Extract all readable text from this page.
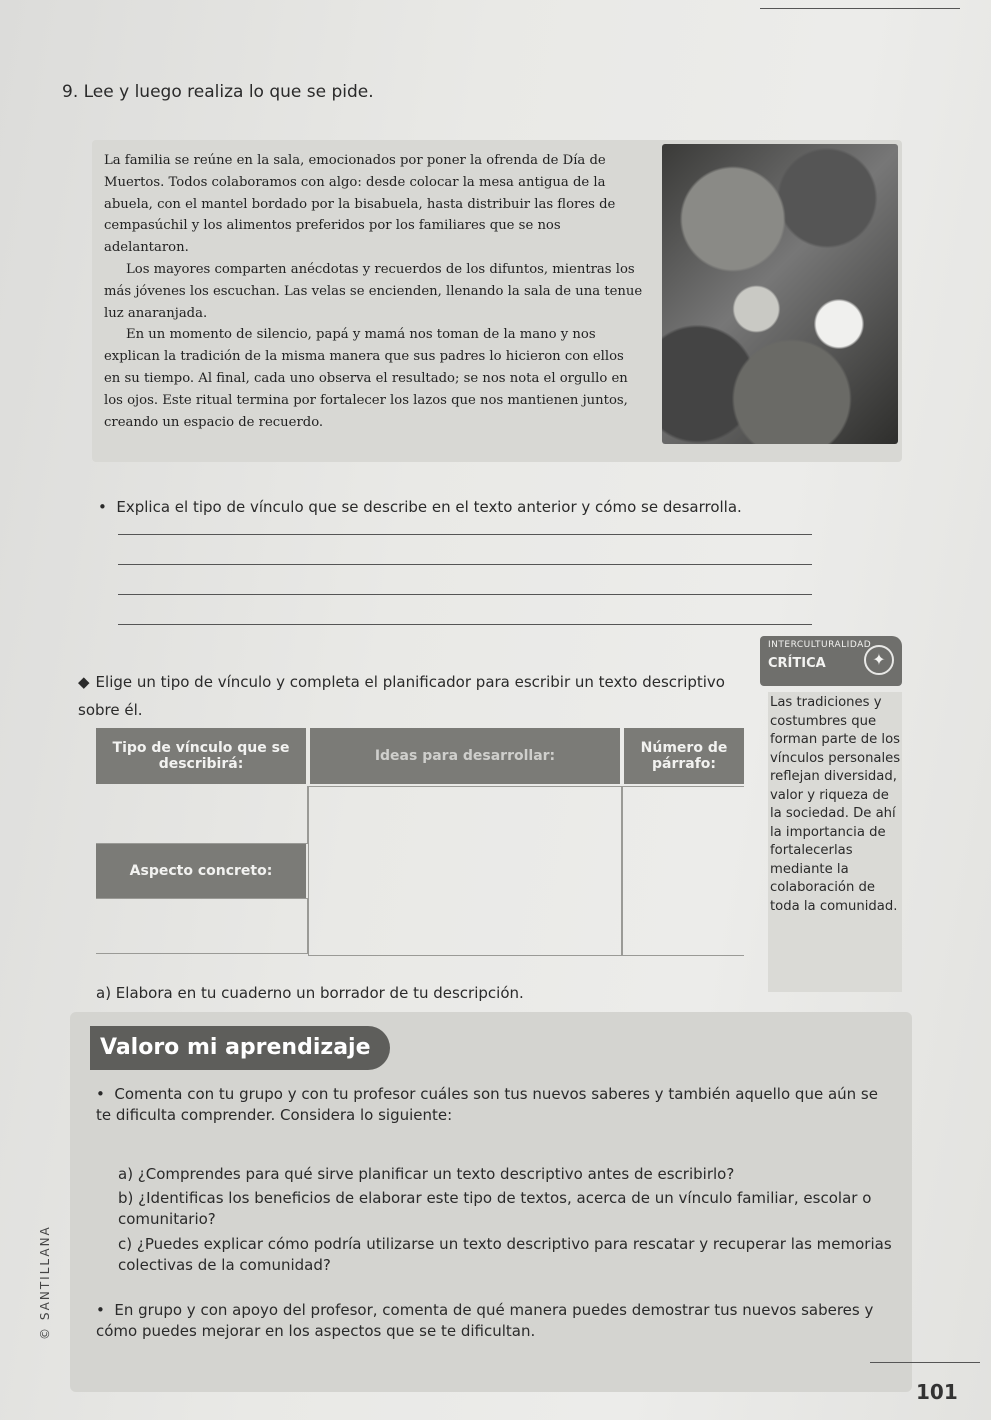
9. Lee y luego realiza lo que se pide.

La familia se reúne en la sala, emocionados por poner la ofrenda de Día de Muertos. Todos colaboramos con algo: desde colocar la mesa antigua de la abuela, con el mantel bordado por la bisabuela, hasta distribuir las flores de cempasúchil y los alimentos preferidos por los familiares que se nos adelantaron.

Los mayores comparten anécdotas y recuerdos de los difuntos, mientras los más jóvenes los escuchan. Las velas se encienden, llenando la sala de una tenue luz anaranjada.

En un momento de silencio, papá y mamá nos toman de la mano y nos explican la tradición de la misma manera que sus padres lo hicieron con ellos en su tiempo. Al final, cada uno observa el resultado; se nos nota el orgullo en los ojos. Este ritual termina por fortalecer los lazos que nos mantienen juntos, creando un espacio de recuerdo.

•  Explica el tipo de vínculo que se describe en el texto anterior y cómo se desarrolla.
INTERCULTURALIDAD
CRÍTICA	✦
◆ Elige un tipo de vínculo y completa el planificador para escribir un texto descriptivo sobre él.	Las tradiciones y costumbres que forman parte de los vínculos personales reflejan diversidad, valor y riqueza de la sociedad. De ahí la importancia de fortalecerlas mediante la colaboración de toda la comunidad.
Tipo de vínculo que se describirá:	Ideas para desarrollar:	Número de párrafo:
Aspecto concreto:
a) Elabora en tu cuaderno un borrador de tu descripción.
Valoro mi aprendizaje
•  Comenta con tu grupo y con tu profesor cuáles son tus nuevos saberes y también aquello que aún se te dificulta comprender. Considera lo siguiente:
a) ¿Comprendes para qué sirve planificar un texto descriptivo antes de escribirlo?
b) ¿Identificas los beneficios de elaborar este tipo de textos, acerca de un vínculo familiar, escolar o comunitario?
c) ¿Puedes explicar cómo podría utilizarse un texto descriptivo para rescatar y recuperar las memorias colectivas de la comunidad?
•  En grupo y con apoyo del profesor, comenta de qué manera puedes demostrar tus nuevos saberes y cómo puedes mejorar en los aspectos que se te dificultan.
© SANTILLANA
101
